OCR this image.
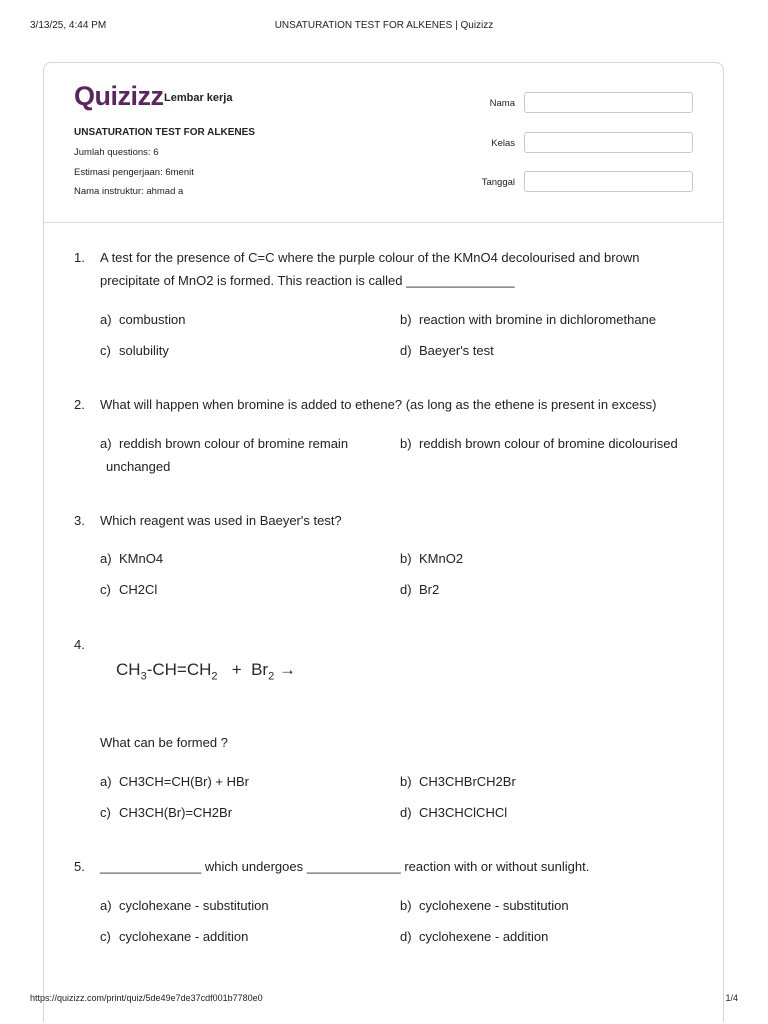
3/13/25, 4:44 PM	UNSATURATION TEST FOR ALKENES | Quizizz
Quizizz Lembar kerja
UNSATURATION TEST FOR ALKENES
Jumlah questions: 6
Estimasi pengerjaan: 6menit
Nama instruktur: ahmad a
Nama
Kelas
Tanggal
1. A test for the presence of C=C where the purple colour of the KMnO4 decolourised and brown
precipitate of MnO2 is formed. This reaction is called _______________
a) combustion	b) reaction with bromine in dichloromethane
c) solubility	d) Baeyer's test
2. What will happen when bromine is added to ethene? (as long as the ethene is present in excess)
a) reddish brown colour of bromine remain
unchanged
b) reddish brown colour of bromine dicolourised
3. Which reagent was used in Baeyer's test?
a) KMnO4	b) KMnO2
c) CH2Cl	d) Br2
4.
$CH_3-CH=CH_2 + Br_2$ →
What can be formed ?
a) CH3CH=CH(Br) + HBr	b) CH3CHBrCH2Br
c) CH3CH(Br)=CH2Br	d) CH3CHClCHCl
5. ______________ which undergoes _____________ reaction with or without sunlight.
a) cyclohexane - substitution	b) cyclohexene - substitution
c) cyclohexane - addition	d) cyclohexene - addition
https://quizizz.com/print/quiz/5de49e7de37cdf001b7780e0	1/4
